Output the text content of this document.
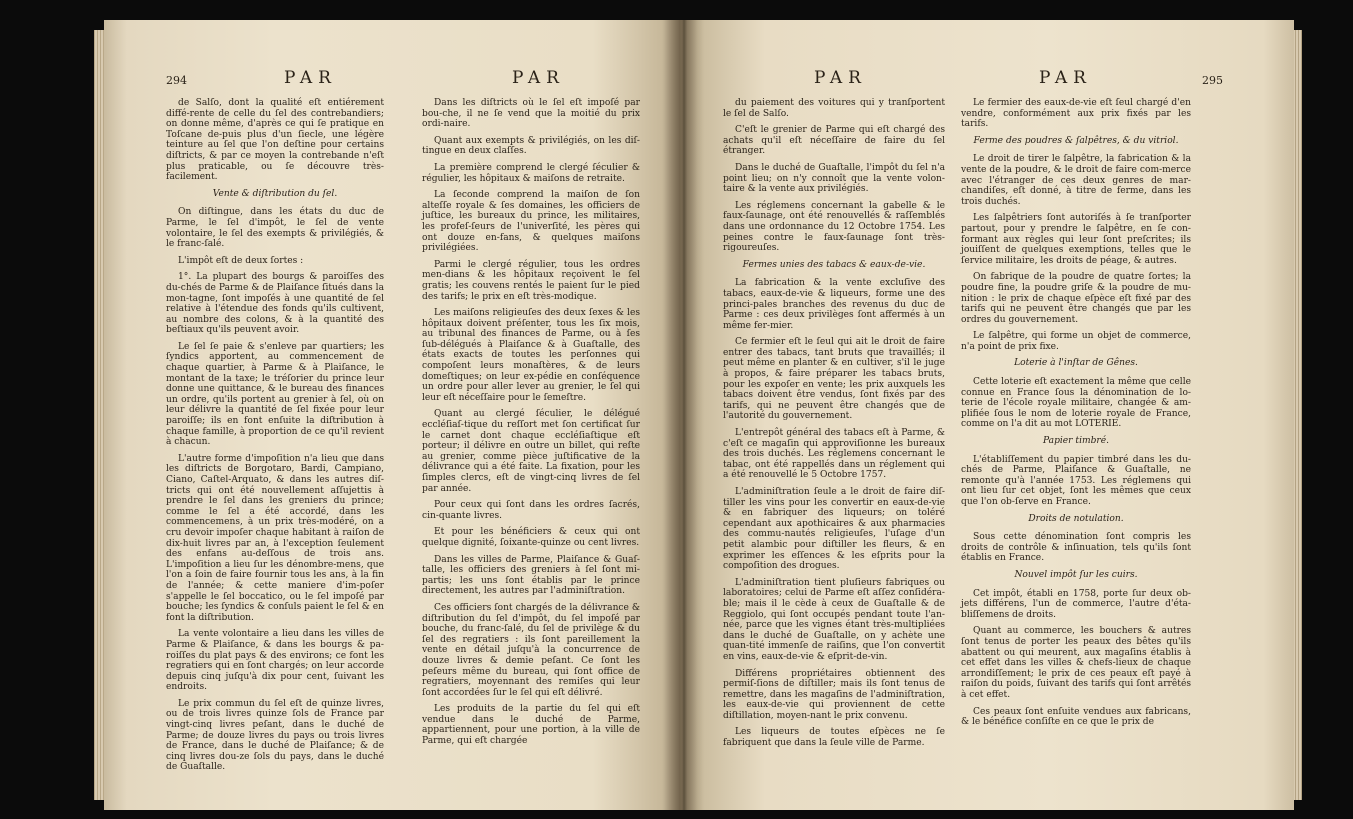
294	PAR	PAR

de Salſo, dont la qualité eſt entiérement diffé-rente de celle du ſel des contrebandiers; on donne même, d'après ce qui ſe pratique en Toſcane de-puis plus d'un ſiecle, une légère teinture au ſel que l'on deſtine pour certains diſtricts, & par ce moyen la contrebande n'eſt plus praticable, ou ſe découvre très-facilement.

Vente & diſtribution du ſel.

On diſtingue, dans les états du duc de Parme, le ſel d'impôt, le ſel de vente volontaire, le ſel des exempts & privilégiés, & le franc-ſalé.

L'impôt eſt de deux ſortes :

1°. La plupart des bourgs & paroiſſes des du-chés de Parme & de Plaiſance ſitués dans la mon-tagne, ſont impoſés à une quantité de ſel relative à l'étendue des fonds qu'ils cultivent, au nombre des colons, & à la quantité des beſtiaux qu'ils peuvent avoir.

Le ſel ſe paie & s'enleve par quartiers; les ſyndics apportent, au commencement de chaque quartier, à Parme & à Plaiſance, le montant de la taxe; le tréſorier du prince leur donne une quittance, & le bureau des finances un ordre, qu'ils portent au grenier à ſel, où on leur délivre la quantité de ſel fixée pour leur paroiſſe; ils en font enſuite la diſtribution à chaque famille, à proportion de ce qu'il revient à chacun.

L'autre forme d'impoſition n'a lieu que dans les diſtricts de Borgotaro, Bardi, Campiano, Ciano, Caſtel-Arquato, & dans les autres diſ-tricts qui ont été nouvellement aſſujettis à prendre le ſel dans les greniers du prince; comme le ſel a été accordé, dans les commencemens, à un prix très-modéré, on a cru devoir impoſer chaque habitant à raiſon de dix-huit livres par an, à l'exception ſeulement des enfans au-deſſous de trois ans. L'impoſition a lieu ſur les dénombre-mens, que l'on a ſoin de faire fournir tous les ans, à la fin de l'année; & cette maniere d'im-poſer s'appelle le ſel boccatico, ou le ſel impoſé par bouche; les ſyndics & conſuls paient le ſel & en font la diſtribution.

La vente volontaire a lieu dans les villes de Parme & Plaiſance, & dans les bourgs & pa-roiſſes du plat pays & des environs; ce font les regratiers qui en ſont chargés; on leur accorde depuis cinq juſqu'à dix pour cent, ſuivant les endroits.

Le prix commun du ſel eſt de quinze livres, ou de trois livres quinze ſols de France par vingt-cinq livres peſant, dans le duché de Parme; de douze livres du pays ou trois livres de France, dans le duché de Plaiſance; & de cinq livres dou-ze ſols du pays, dans le duché de Guaſtalle.

Dans les diſtricts où le ſel eſt impoſé par bou-che, il ne ſe vend que la moitié du prix ordi-naire.

Quant aux exempts & privilégiés, on les diſ-tingue en deux claſſes.

La première comprend le clergé ſéculier & régulier, les hôpitaux & maiſons de retraite.

La ſeconde comprend la maiſon de ſon alteſſe royale & ſes domaines, les officiers de juſtice, les bureaux du prince, les militaires, les profeſ-ſeurs de l'univerſité, les pères qui ont douze en-fans, & quelques maiſons privilégiées.

Parmi le clergé régulier, tous les ordres men-dians & les hôpitaux reçoivent le ſel gratis; les couvens rentés le paient ſur le pied des tarifs; le prix en eſt très-modique.

Les maiſons religieuſes des deux ſexes & les hôpitaux doivent préſenter, tous les ſix mois, au tribunal des finances de Parme, ou à ſes ſub-délégués à Plaiſance & à Guaſtalle, des états exacts de toutes les perſonnes qui compoſent leurs monaſtères, & de leurs domeſtiques; on leur ex-pédie en conſéquence un ordre pour aller lever au grenier, le ſel qui leur eſt néceſſaire pour le ſemeſtre.

Quant au clergé ſéculier, le délégué eccléſiaſ-tique du reſſort met ſon certificat ſur le carnet dont chaque eccléſiaſtique eſt porteur; il délivre en outre un billet, qui reſte au grenier, comme pièce juſtificative de la délivrance qui a été faite. La fixation, pour les ſimples clercs, eſt de vingt-cinq livres de ſel par année.

Pour ceux qui ſont dans les ordres ſacrés, cin-quante livres.

Et pour les bénéficiers & ceux qui ont quelque dignité, ſoixante-quinze ou cent livres.

Dans les villes de Parme, Plaiſance & Guaſ-talle, les officiers des greniers à ſel ſont mi-partis; les uns ſont établis par le prince directement, les autres par l'adminiſtration.

Ces officiers ſont chargés de la délivrance & diſtribution du ſel d'impôt, du ſel impoſé par bouche, du franc-ſalé, du ſel de privilège & du ſel des regratiers : ils ſont pareillement la vente en détail juſqu'à la concurrence de douze livres & demie peſant. Ce ſont les peſeurs même du bureau, qui ſont office de regratiers, moyennant des remiſes qui leur ſont accordées ſur le ſel qui eſt délivré.

Les produits de la partie du ſel qui eſt vendue dans le duché de Parme, appartiennent, pour une portion, à la ville de Parme, qui eſt chargée

PAR	PAR	295

du paiement des voitures qui y tranſportent le ſel de Salſo.

C'eſt le grenier de Parme qui eſt chargé des achats qu'il eſt néceſſaire de faire du ſel étranger.

Dans le duché de Guaſtalle, l'impôt du ſel n'a point lieu; on n'y connoît que la vente volon-taire & la vente aux privilégiés.

Les réglemens concernant la gabelle & le faux-ſaunage, ont été renouvellés & raſſemblés dans une ordonnance du 12 Octobre 1754. Les peines contre le faux-ſaunage ſont très-rigoureuſes.

Fermes unies des tabacs & eaux-de-vie.

La fabrication & la vente excluſive des tabacs, eaux-de-vie & liqueurs, forme une des princi-pales branches des revenus du duc de Parme : ces deux privilèges ſont affermés à un même fer-mier.

Ce fermier eſt le ſeul qui ait le droit de faire entrer des tabacs, tant bruts que travaillés; il peut même en planter & en cultiver, s'il le juge à propos, & faire préparer les tabacs bruts, pour les expoſer en vente; les prix auxquels les tabacs doivent être vendus, ſont fixés par des tarifs, qui ne peuvent être changés que de l'autorité du gouvernement.

L'entrepôt général des tabacs eſt à Parme, & c'eſt ce magaſin qui approviſionne les bureaux des trois duchés. Les réglemens concernant le tabac, ont été rappellés dans un réglement qui a été renouvellé le 5 Octobre 1757.

L'adminiſtration ſeule a le droit de faire diſ-tiller les vins pour les convertir en eaux-de-vie & en fabriquer des liqueurs; on toléré cependant aux apothicaires & aux pharmacies des commu-nautés religieuſes, l'uſage d'un petit alambic pour diſtiller les fleurs, & en exprimer les eſſences & les eſprits pour la compoſition des drogues.

L'adminiſtration tient pluſieurs fabriques ou laboratoires; celui de Parme eſt aſſez conſidéra-ble; mais il le cède à ceux de Guaſtalle & de Reggiolo, qui ſont occupés pendant toute l'an-née, parce que les vignes étant très-multipliées dans le duché de Guaſtalle, on y achète une quan-tité immenſe de raiſins, que l'on convertit en vins, eaux-de-vie & eſprit-de-vin.

Différens propriétaires obtiennent des permiſ-ſions de diſtiller; mais ils ſont tenus de remettre, dans les magaſins de l'adminiſtration, les eaux-de-vie qui proviennent de cette diſtillation, moyen-nant le prix convenu.

Les liqueurs de toutes eſpèces ne ſe fabriquent que dans la ſeule ville de Parme.

Le fermier des eaux-de-vie eſt ſeul chargé d'en vendre, conformément aux prix fixés par les tarifs.

Ferme des poudres & ſalpêtres, & du vitriol.

Le droit de tirer le ſalpêtre, la fabrication & la vente de la poudre, & le droit de faire com-merce avec l'étranger de ces deux genres de mar-chandiſes, eſt donné, à titre de ferme, dans les trois duchés.

Les ſalpêtriers ſont autoriſés à ſe tranſporter partout, pour y prendre le ſalpêtre, en ſe con-formant aux règles qui leur ſont preſcrites; ils jouiſſent de quelques exemptions, telles que le ſervice militaire, les droits de péage, & autres.

On fabrique de la poudre de quatre ſortes; la poudre fine, la poudre griſe & la poudre de mu-nition : le prix de chaque eſpèce eſt fixé par des tarifs qui ne peuvent être changés que par les ordres du gouvernement.

Le ſalpêtre, qui forme un objet de commerce, n'a point de prix fixe.

Loterie à l'inſtar de Gênes.

Cette loterie eſt exactement la même que celle connue en France ſous la dénomination de lo-terie de l'école royale militaire, changée & am-plifiée ſous le nom de loterie royale de France, comme on l'a dit au mot LOTERIE.

Papier timbré.

L'établiſſement du papier timbré dans les du-chés de Parme, Plaiſance & Guaſtalle, ne remonte qu'à l'année 1753. Les réglemens qui ont lieu ſur cet objet, ſont les mêmes que ceux que l'on ob-ſerve en France.

Droits de notulation.

Sous cette dénomination ſont compris les droits de contrôle & inſinuation, tels qu'ils ſont établis en France.

Nouvel impôt ſur les cuirs.

Cet impôt, établi en 1758, porte ſur deux ob-jets différens, l'un de commerce, l'autre d'éta-bliſſemens de droits.

Quant au commerce, les bouchers & autres ſont tenus de porter les peaux des bêtes qu'ils abattent ou qui meurent, aux magaſins établis à cet effet dans les villes & chefs-lieux de chaque arrondiſſement; le prix de ces peaux eſt payé à raiſon du poids, ſuivant des tarifs qui ſont arrêtés à cet effet.

Ces peaux ſont enſuite vendues aux fabricans, & le bénéfice conſiſte en ce que le prix de
